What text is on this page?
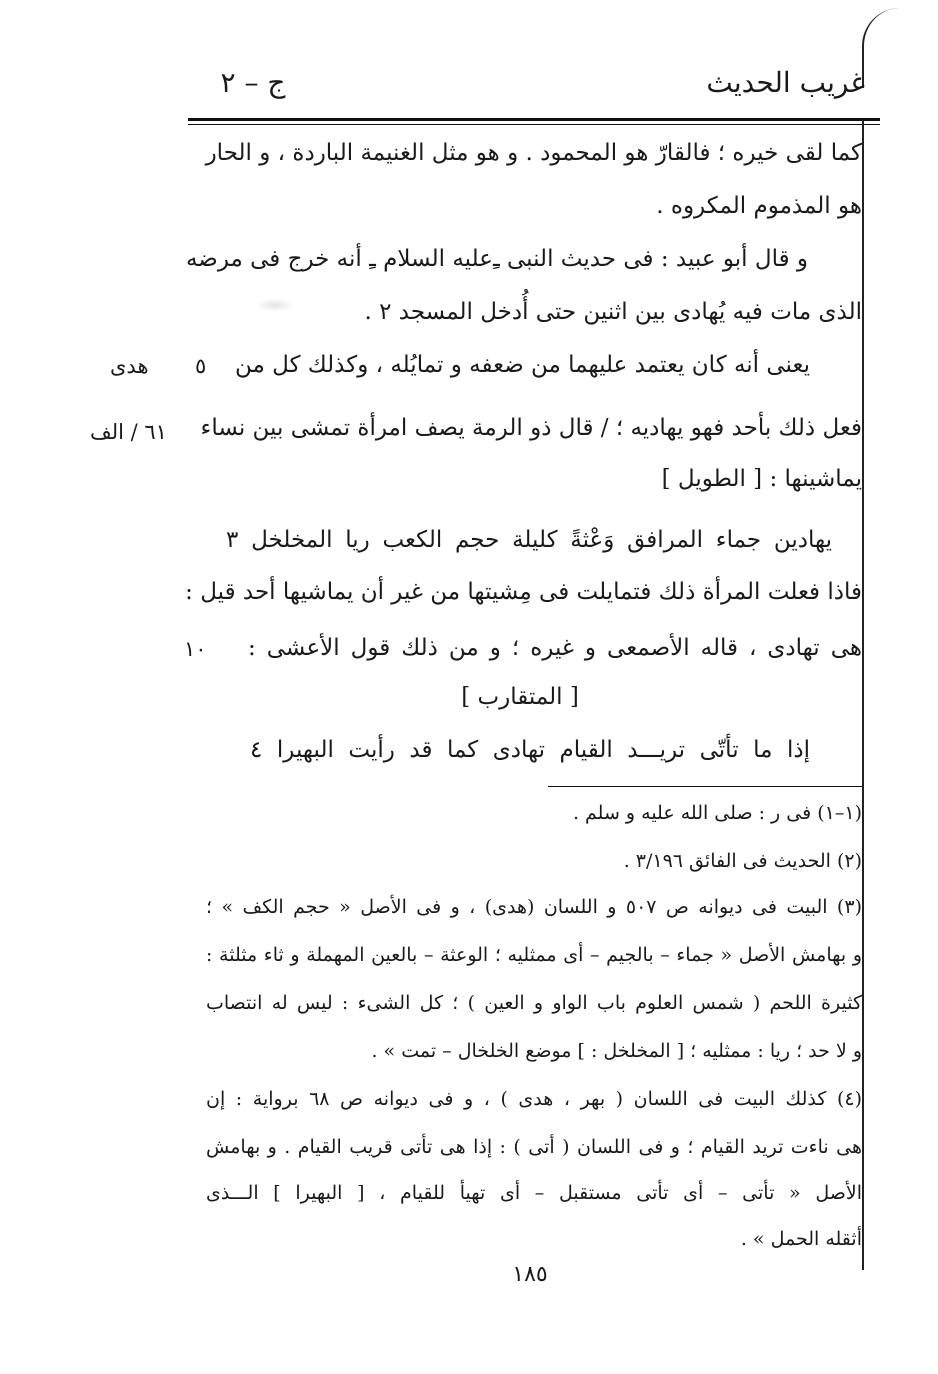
غريب الحديث
ج – ٢
كما لقى خيره ؛ فالقارّ هو المحمود . و هو مثل الغنيمة الباردة ، و الحار
هو المذموم المكروه .
و قال أبو عبيد : فى حديث النبى ﹻعليه السلام ﹻ أنه خرج فى مرضه
الذى مات فيه يُهادى بين اثنين حتى أُدخل المسجد ٢ .
يعنى أنه كان يعتمد عليهما من ضعفه و تمايُله ، وكذلك كل من
فعل ذلك بأحد فهو يهاديه ؛ / قال ذو الرمة يصف امرأة تمشى بين نساء
يماشينها : [ الطويل ]
يهادين جماء المرافق وَعْثةً كليلة حجم الكعب ريا المخلخل ٣
فاذا فعلت المرأة ذلك فتمايلت فى مِشيتها من غير أن يماشيها أحد قيل :
هى تهادى ، قاله الأصمعى و غيره ؛ و من ذلك قول الأعشى :
[ المتقارب ]
إذا ما تأتّى تريـــد القيام تهادى كما قد رأيت البهيرا ٤
٥
هدى
٦١ / الف
١٠
(١–١) فى ر : صلى الله عليه و سلم .
(٢) الحديث فى الفائق ٣/١٩٦ .
(٣) البيت فى ديوانه ص ٥٠٧ و اللسان (هدى) ، و فى الأصل « حجم الكف » ؛
و بهامش الأصل « جماء – بالجيم – أى ممثليه ؛ الوعثة – بالعين المهملة و ثاء مثلثة :
كثيرة اللحم ( شمس العلوم باب الواو و العين ) ؛ كل الشىء : ليس له انتصاب
و لا حد ؛ ريا : ممثليه ؛ [ المخلخل : ] موضع الخلخال – تمت » .
(٤) كذلك البيت فى اللسان ( بهر ، هدى ) ، و فى ديوانه ص ٦٨ برواية : إن
هى ناءت تريد القيام ؛ و فى اللسان ( أتى ) : إذا هى تأتى قريب القيام . و بهامش
الأصل « تأتى – أى تأتى مستقبل – أى تهيأ للقيام ، [ البهيرا ] الـــذى
أثقله الحمل » .
١٨٥
